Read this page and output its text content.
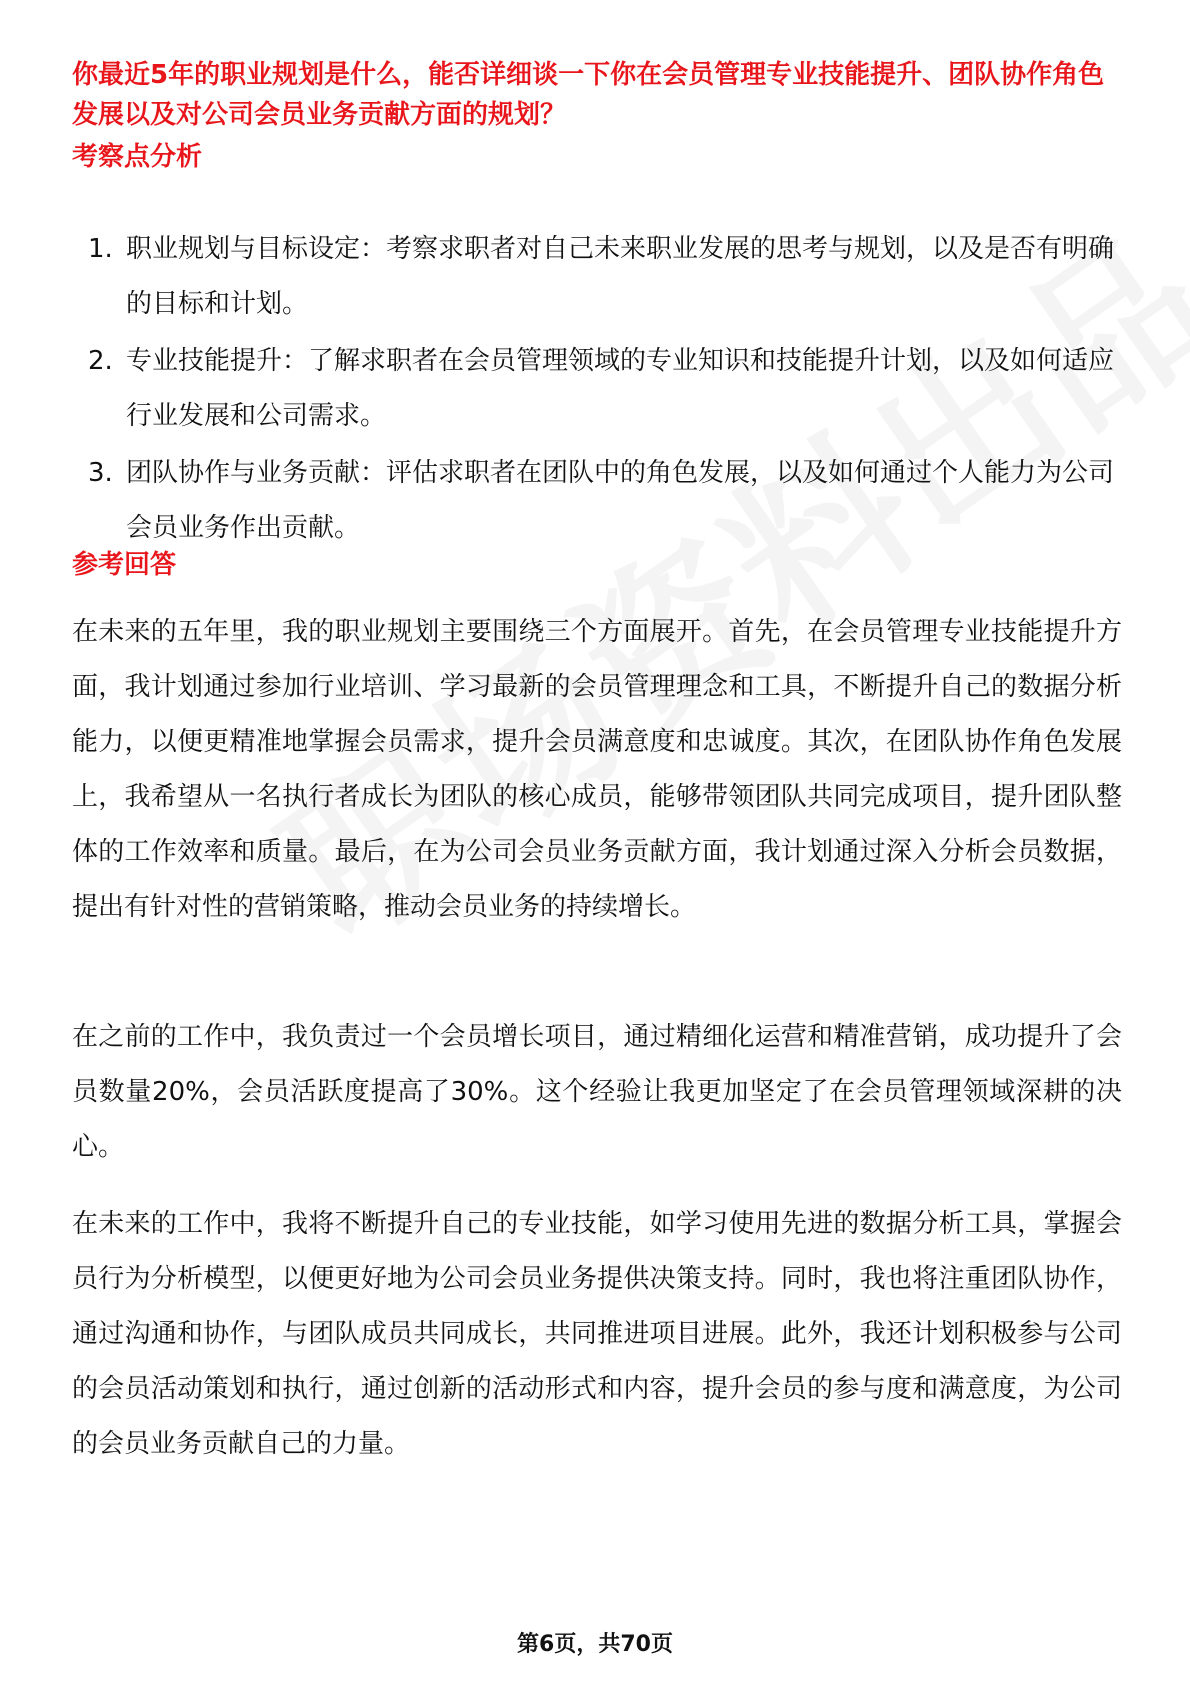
你最近5年的职业规划是什么，能否详细谈一下你在会员管理专业技能提升、团队协作角色发展以及对公司会员业务贡献方面的规划？
考察点分析
1. 职业规划与目标设定：考察求职者对自己未来职业发展的思考与规划，以及是否有明确的目标和计划。
2. 专业技能提升：了解求职者在会员管理领域的专业知识和技能提升计划，以及如何适应行业发展和公司需求。
3. 团队协作与业务贡献：评估求职者在团队中的角色发展，以及如何通过个人能力为公司会员业务作出贡献。
参考回答

在未来的五年里，我的职业规划主要围绕三个方面展开。首先，在会员管理专业技能提升方面，我计划通过参加行业培训、学习最新的会员管理理念和工具，不断提升自己的数据分析能力，以便更精准地掌握会员需求，提升会员满意度和忠诚度。其次，在团队协作角色发展上，我希望从一名执行者成长为团队的核心成员，能够带领团队共同完成项目，提升团队整体的工作效率和质量。最后，在为公司会员业务贡献方面，我计划通过深入分析会员数据，提出有针对性的营销策略，推动会员业务的持续增长。

在之前的工作中，我负责过一个会员增长项目，通过精细化运营和精准营销，成功提升了会员数量20%，会员活跃度提高了30%。这个经验让我更加坚定了在会员管理领域深耕的决心。

在未来的工作中，我将不断提升自己的专业技能，如学习使用先进的数据分析工具，掌握会员行为分析模型，以便更好地为公司会员业务提供决策支持。同时，我也将注重团队协作，通过沟通和协作，与团队成员共同成长，共同推进项目进展。此外，我还计划积极参与公司的会员活动策划和执行，通过创新的活动形式和内容，提升会员的参与度和满意度，为公司的会员业务贡献自己的力量。

第6页，共70页
